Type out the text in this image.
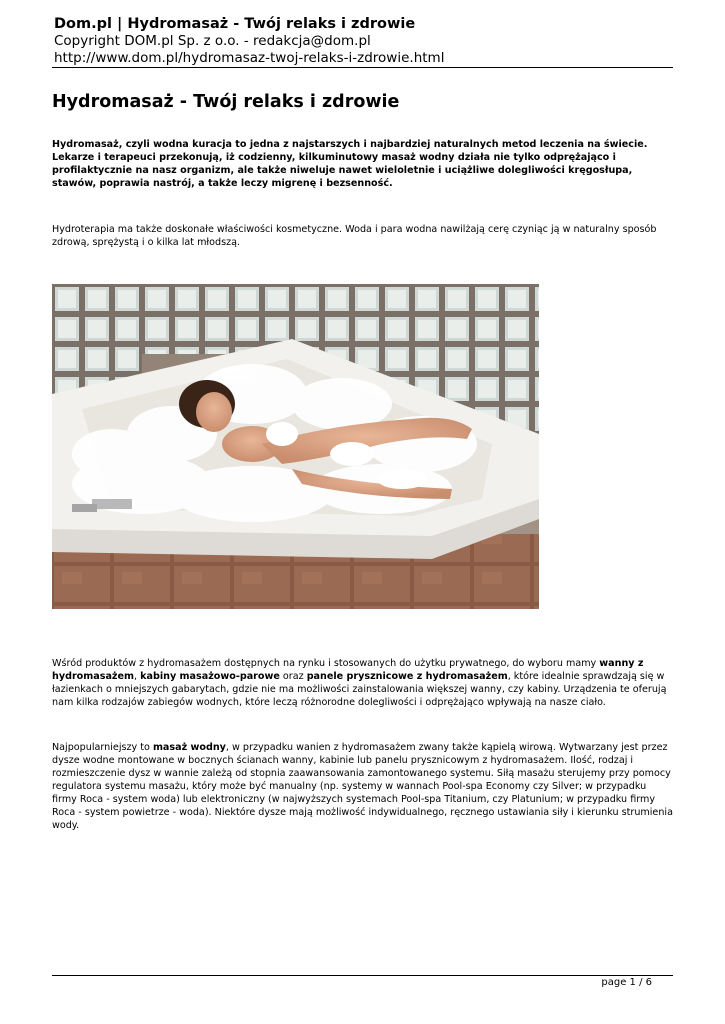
Dom.pl | Hydromasaż - Twój relaks i zdrowie
Copyright DOM.pl Sp. z o.o. - redakcja@dom.pl
http://www.dom.pl/hydromasaz-twoj-relaks-i-zdrowie.html
Hydromasaż - Twój relaks i zdrowie

Hydromasaż, czyli wodna kuracja to jedna z najstarszych i najbardziej naturalnych metod leczenia na świecie. Lekarze i terapeuci przekonują, iż codzienny, kilkuminutowy masaż wodny działa nie tylko odprężająco i profilaktycznie na nasz organizm, ale także niweluje nawet wieloletnie i uciążliwe dolegliwości kręgosłupa, stawów, poprawia nastrój, a także leczy migrenę i bezsenność.

Hydroterapia ma także doskonałe właściwości kosmetyczne. Woda i para wodna nawilżają cerę czyniąc ją w naturalny sposób zdrową, sprężystą i o kilka lat młodszą.

Wśród produktów z hydromasażem dostępnych na rynku i stosowanych do użytku prywatnego, do wyboru mamy wanny z hydromasażem, kabiny masażowo-parowe oraz panele prysznicowe z hydromasażem, które idealnie sprawdzają się w łazienkach o mniejszych gabarytach, gdzie nie ma możliwości zainstalowania większej wanny, czy kabiny. Urządzenia te oferują nam kilka rodzajów zabiegów wodnych, które leczą różnorodne dolegliwości i odprężająco wpływają na nasze ciało.

Najpopularniejszy to masaż wodny, w przypadku wanien z hydromasażem zwany także kąpielą wirową. Wytwarzany jest przez dysze wodne montowane w bocznych ścianach wanny, kabinie lub panelu prysznicowym z hydromasażem. Ilość, rodzaj i rozmieszczenie dysz w wannie zależą od stopnia zaawansowania zamontowanego systemu. Siłą masażu sterujemy przy pomocy regulatora systemu masażu, który może być manualny (np. systemy w wannach Pool-spa Economy czy Silver; w przypadku firmy Roca - system woda) lub elektroniczny (w najwyższych systemach Pool-spa Titanium, czy Platunium; w przypadku firmy Roca - system powietrze - woda). Niektóre dysze mają możliwość indywidualnego, ręcznego ustawiania siły i kierunku strumienia wody.

page 1 / 6
